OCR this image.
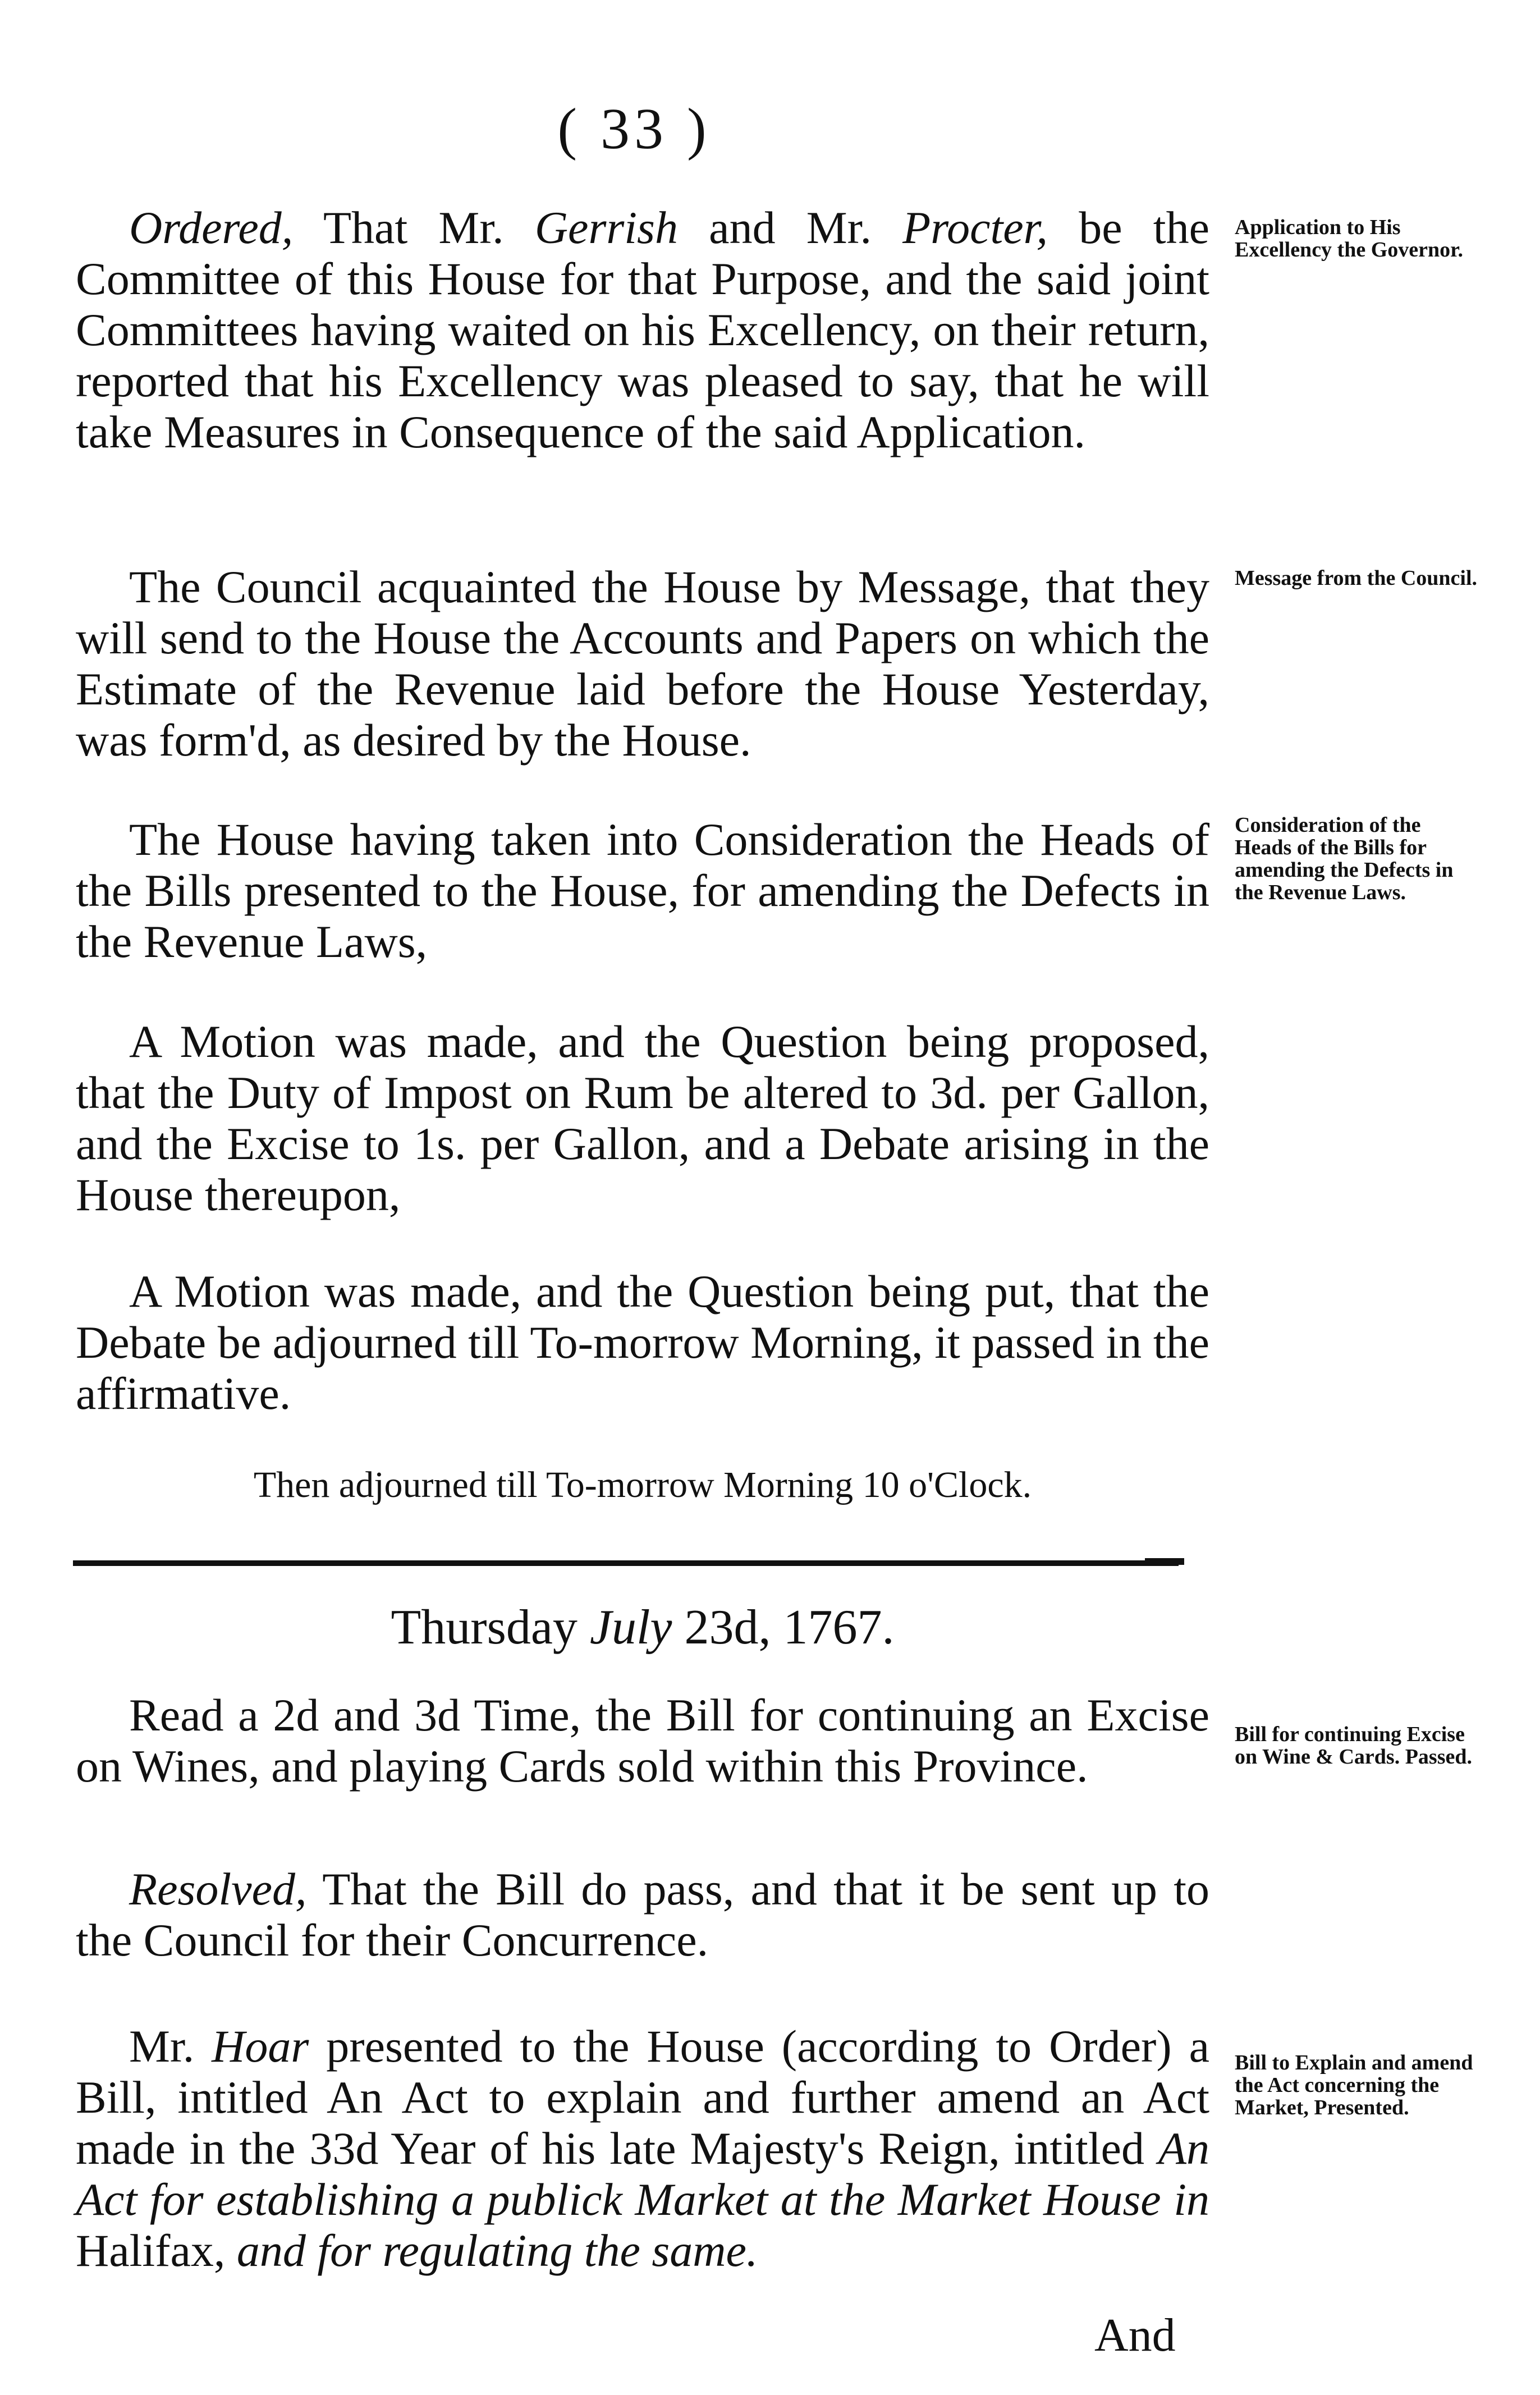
( 33 )

Ordered, That Mr. Gerrish and Mr. Procter, be the Committee of this House for that Purpose, and the said joint Committees having waited on his Excellency, on their return, reported that his Excellency was pleased to say, that he will take Measures in Consequence of the said Application.

Application to His Excellency the Governor.

The Council acquainted the House by Message, that they will send to the House the Accounts and Papers on which the Estimate of the Revenue laid before the House Yesterday, was form'd, as desired by the House.

Message from the Council.

The House having taken into Consideration the Heads of the Bills presented to the House, for amending the Defects in the Revenue Laws,

Consideration of the Heads of the Bills for amending the Defects in the Revenue Laws.

A Motion was made, and the Question being proposed, that the Duty of Impost on Rum be altered to 3d. per Gallon, and the Excise to 1s. per Gallon, and a Debate arising in the House thereupon,

A Motion was made, and the Question being put, that the Debate be adjourned till To-morrow Morning, it passed in the affirmative.

Then adjourned till To-morrow Morning 10 o'Clock.

Thursday July 23d, 1767.

Read a 2d and 3d Time, the Bill for continuing an Excise on Wines, and playing Cards sold within this Province.

Bill for continuing Excise on Wine & Cards. Passed.

Resolved, That the Bill do pass, and that it be sent up to the Council for their Concurrence.

Mr. Hoar presented to the House (according to Order) a Bill, intitled An Act to explain and further amend an Act made in the 33d Year of his late Majesty's Reign, intitled An Act for establishing a publick Market at the Market House in Halifax, and for regulating the same.

Bill to Explain and amend the Act concerning the Market, Presented.
And
